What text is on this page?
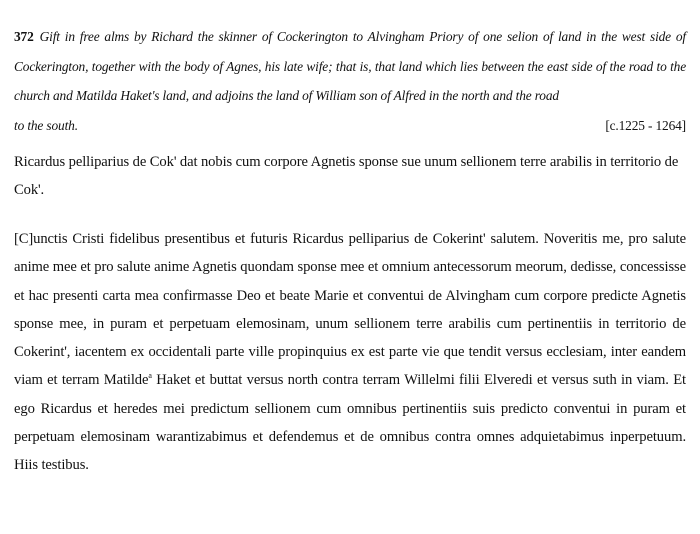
372 Gift in free alms by Richard the skinner of Cockerington to Alvingham Priory of one selion of land in the west side of Cockerington, together with the body of Agnes, his late wife; that is, that land which lies between the east side of the road to the church and Matilda Haket's land, and adjoins the land of William son of Alfred in the north and the road
to the south.	[c.1225 - 1264]

Ricardus pelliparius de Cok' dat nobis cum corpore Agnetis sponse sue unum sellionem terre arabilis in territorio de Cok'.

[C]unctis Cristi fidelibus presentibus et futuris Ricardus pelliparius de Cokerint' salutem. Noveritis me, pro salute anime mee et pro salute anime Agnetis quondam sponse mee et omnium antecessorum meorum, dedisse, concessisse et hac presenti carta mea confirmasse Deo et beate Marie et conventui de Alvingham cum corpore predicte Agnetis sponse mee, in puram et perpetuam elemosinam, unum sellionem terre arabilis cum pertinentiis in territorio de Cokerint', iacentem ex occidentali parte ville propinquius ex est parte vie que tendit versus ecclesiam, inter eandem viam et terram Matilde$^a$ Haket et buttat versus north contra terram Willelmi filii Elveredi et versus suth in viam. Et ego Ricardus et heredes mei predictum sellionem cum omnibus pertinentiis suis predicto conventui in puram et perpetuam elemosinam warantizabimus et defendemus et de omnibus contra omnes adquietabimus inperpetuum. Hiis testibus.
